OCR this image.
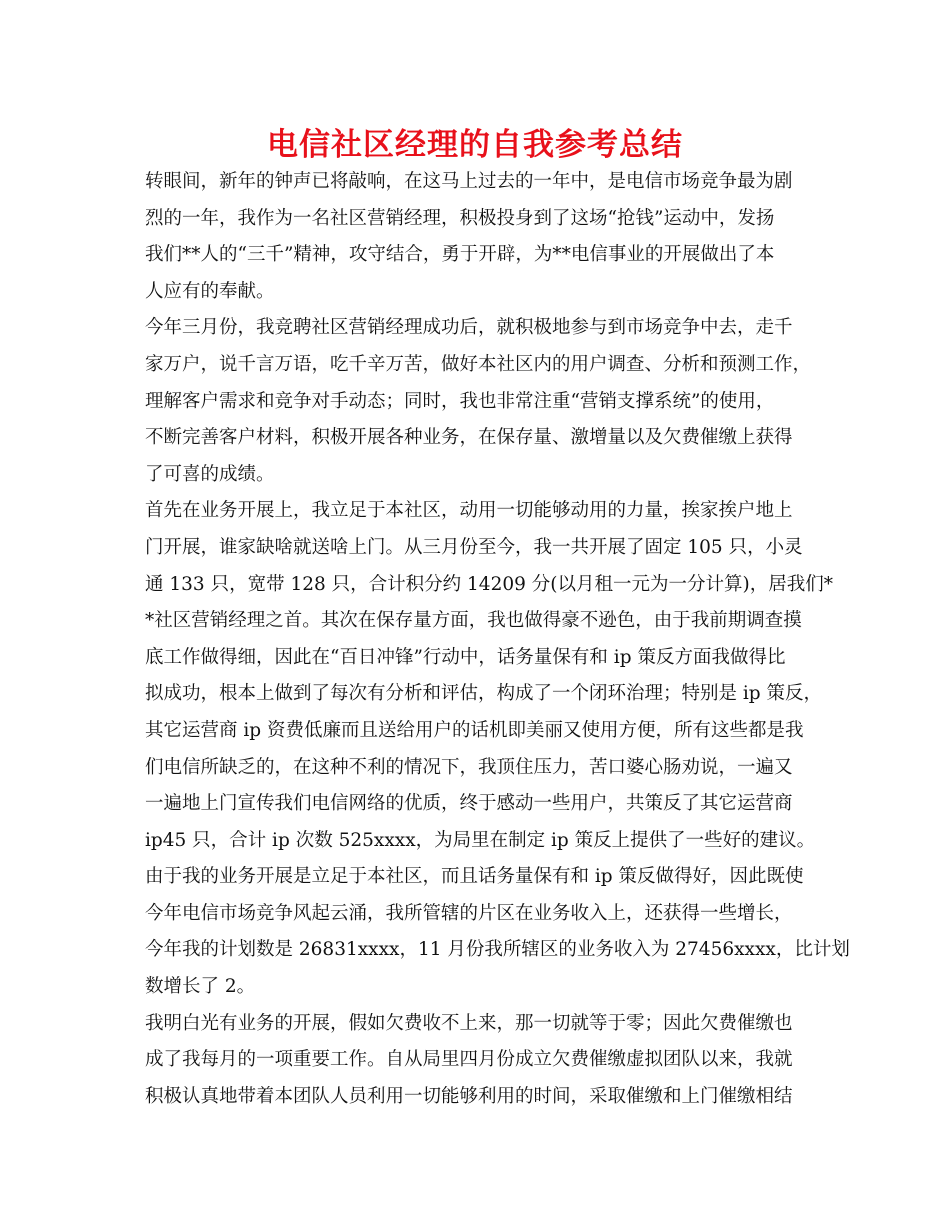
电信社区经理的自我参考总结
转眼间，新年的钟声已将敲响，在这马上过去的一年中，是电信市场竞争最为剧
烈的一年，我作为一名社区营销经理，积极投身到了这场“抢钱”运动中，发扬
我们**人的“三千”精神，攻守结合，勇于开辟，为**电信事业的开展做出了本
人应有的奉献。
今年三月份，我竞聘社区营销经理成功后，就积极地参与到市场竞争中去，走千
家万户，说千言万语，吃千辛万苦，做好本社区内的用户调查、分析和预测工作，
理解客户需求和竞争对手动态；同时，我也非常注重“营销支撑系统”的使用，
不断完善客户材料，积极开展各种业务，在保存量、激增量以及欠费催缴上获得
了可喜的成绩。
首先在业务开展上，我立足于本社区，动用一切能够动用的力量，挨家挨户地上
门开展，谁家缺啥就送啥上门。从三月份至今，我一共开展了固定 105 只，小灵
通 133 只，宽带 128 只，合计积分约 14209 分(以月租一元为一分计算)，居我们*
*社区营销经理之首。其次在保存量方面，我也做得豪不逊色，由于我前期调查摸
底工作做得细，因此在“百日冲锋”行动中，话务量保有和 ip 策反方面我做得比
拟成功，根本上做到了每次有分析和评估，构成了一个闭环治理；特别是 ip 策反，
其它运营商 ip 资费低廉而且送给用户的话机即美丽又使用方便，所有这些都是我
们电信所缺乏的，在这种不利的情况下，我顶住压力，苦口婆心肠劝说，一遍又
一遍地上门宣传我们电信网络的优质，终于感动一些用户，共策反了其它运营商
ip45 只，合计 ip 次数 525xxxx，为局里在制定 ip 策反上提供了一些好的建议。
由于我的业务开展是立足于本社区，而且话务量保有和 ip 策反做得好，因此既使
今年电信市场竞争风起云涌，我所管辖的片区在业务收入上，还获得一些增长，
今年我的计划数是 26831xxxx，11 月份我所辖区的业务收入为 27456xxxx，比计划
数增长了 2。
我明白光有业务的开展，假如欠费收不上来，那一切就等于零；因此欠费催缴也
成了我每月的一项重要工作。自从局里四月份成立欠费催缴虚拟团队以来，我就
积极认真地带着本团队人员利用一切能够利用的时间，采取催缴和上门催缴相结
